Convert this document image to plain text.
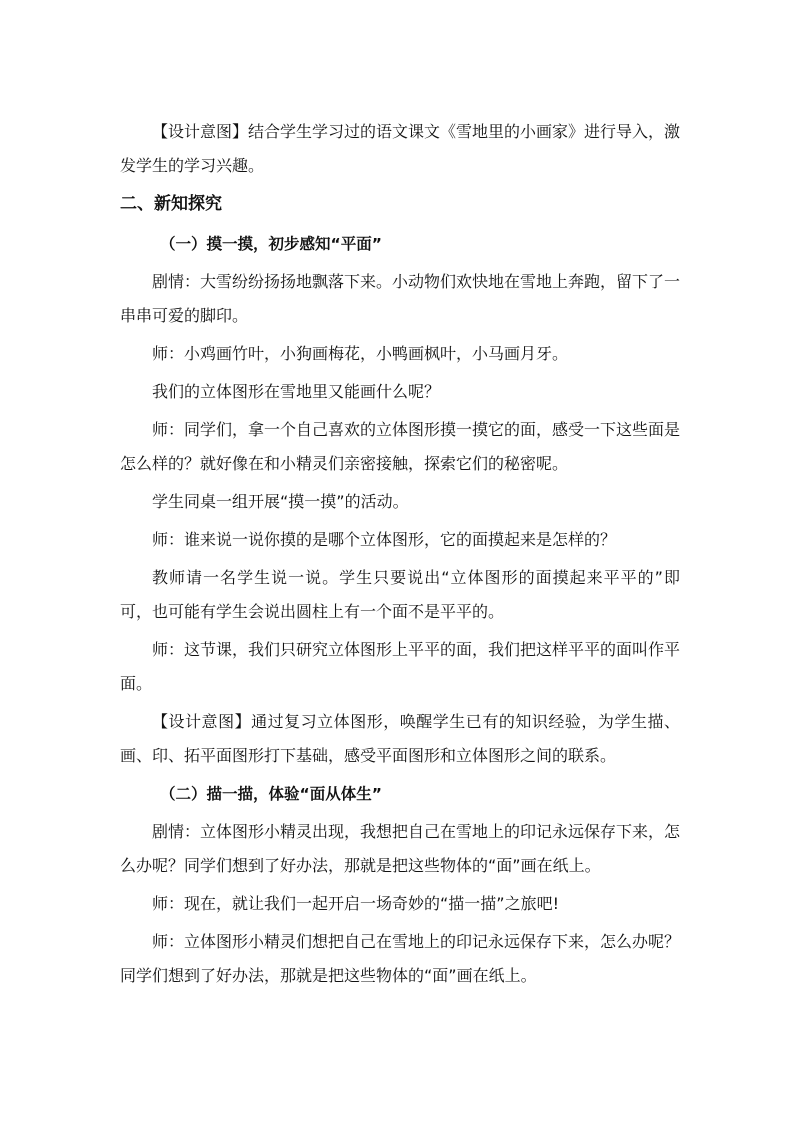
【设计意图】结合学生学习过的语文课文《雪地里的小画家》进行导入，激发学生的学习兴趣。

二、新知探究
（一）摸一摸，初步感知“平面”

剧情：大雪纷纷扬扬地飘落下来。小动物们欢快地在雪地上奔跑，留下了一串串可爱的脚印。

师：小鸡画竹叶，小狗画梅花，小鸭画枫叶，小马画月牙。

我们的立体图形在雪地里又能画什么呢？

师：同学们，拿一个自己喜欢的立体图形摸一摸它的面，感受一下这些面是怎么样的？就好像在和小精灵们亲密接触，探索它们的秘密呢。

学生同桌一组开展“摸一摸”的活动。

师：谁来说一说你摸的是哪个立体图形，它的面摸起来是怎样的？

教师请一名学生说一说。学生只要说出“立体图形的面摸起来平平的”即可，也可能有学生会说出圆柱上有一个面不是平平的。

师：这节课，我们只研究立体图形上平平的面，我们把这样平平的面叫作平面。

【设计意图】通过复习立体图形，唤醒学生已有的知识经验，为学生描、画、印、拓平面图形打下基础，感受平面图形和立体图形之间的联系。

（二）描一描，体验“面从体生”

剧情：立体图形小精灵出现，我想把自己在雪地上的印记永远保存下来，怎么办呢？同学们想到了好办法，那就是把这些物体的“面”画在纸上。

师：现在，就让我们一起开启一场奇妙的“描一描”之旅吧!

师：立体图形小精灵们想把自己在雪地上的印记永远保存下来，怎么办呢？同学们想到了好办法，那就是把这些物体的“面”画在纸上。
